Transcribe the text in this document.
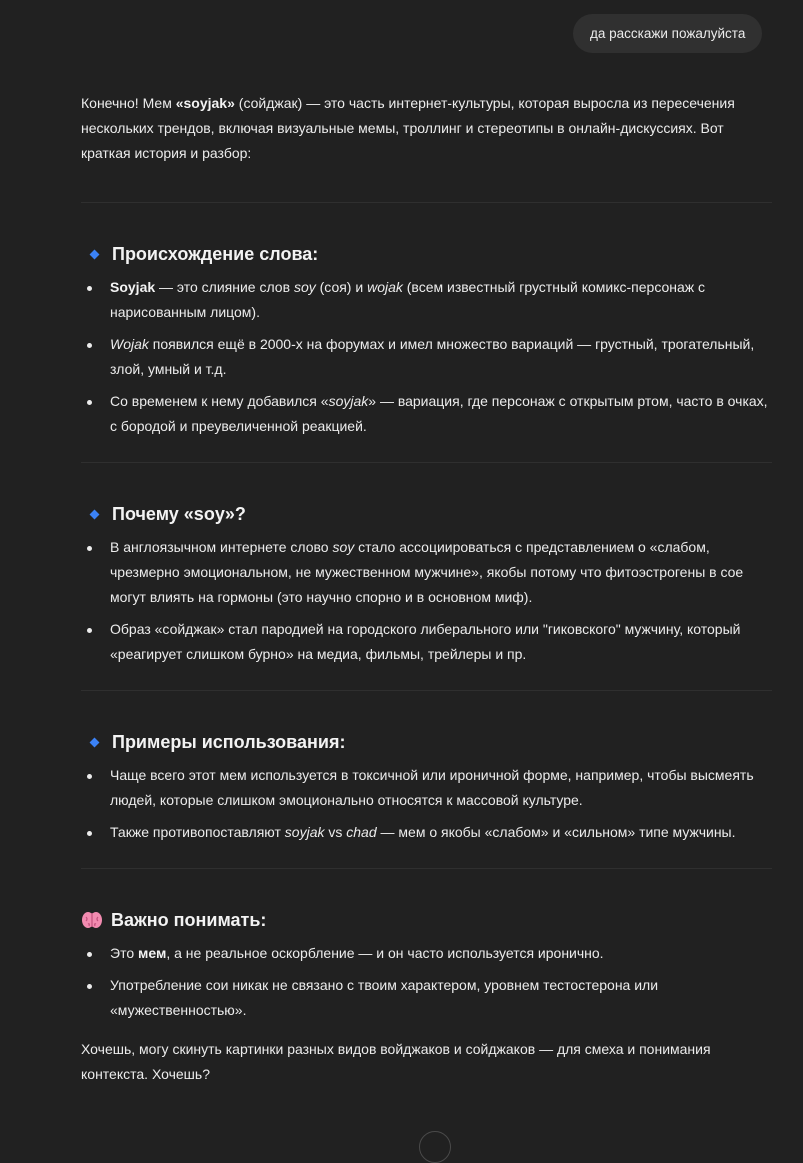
да расскажи пожалуйста

Конечно! Мем «soyjak» (сойджак) — это часть интернет-культуры, которая выросла из пересечения нескольких трендов, включая визуальные мемы, троллинг и стереотипы в онлайн-дискуссиях. Вот краткая история и разбор:

Происхождение слова:
Soyjak — это слияние слов soy (соя) и wojak (всем известный грустный комикс-персонаж с нарисованным лицом).
Wojak появился ещё в 2000-х на форумах и имел множество вариаций — грустный, трогательный, злой, умный и т.д.
Со временем к нему добавился «soyjak» — вариация, где персонаж с открытым ртом, часто в очках, с бородой и преувеличенной реакцией.
Почему «soy»?
В англоязычном интернете слово soy стало ассоциироваться с представлением о «слабом, чрезмерно эмоциональном, не мужественном мужчине», якобы потому что фитоэстрогены в сое могут влиять на гормоны (это научно спорно и в основном миф).
Образ «сойджак» стал пародией на городского либерального или "гиковского" мужчину, который «реагирует слишком бурно» на медиа, фильмы, трейлеры и пр.
Примеры использования:
Чаще всего этот мем используется в токсичной или ироничной форме, например, чтобы высмеять людей, которые слишком эмоционально относятся к массовой культуре.
Также противопоставляют soyjak vs chad — мем о якобы «слабом» и «сильном» типе мужчины.
Важно понимать:
Это мем, а не реальное оскорбление — и он часто используется иронично.
Употребление сои никак не связано с твоим характером, уровнем тестостерона или «мужественностью».

Хочешь, могу скинуть картинки разных видов войджаков и сойджаков — для смеха и понимания контекста. Хочешь?
